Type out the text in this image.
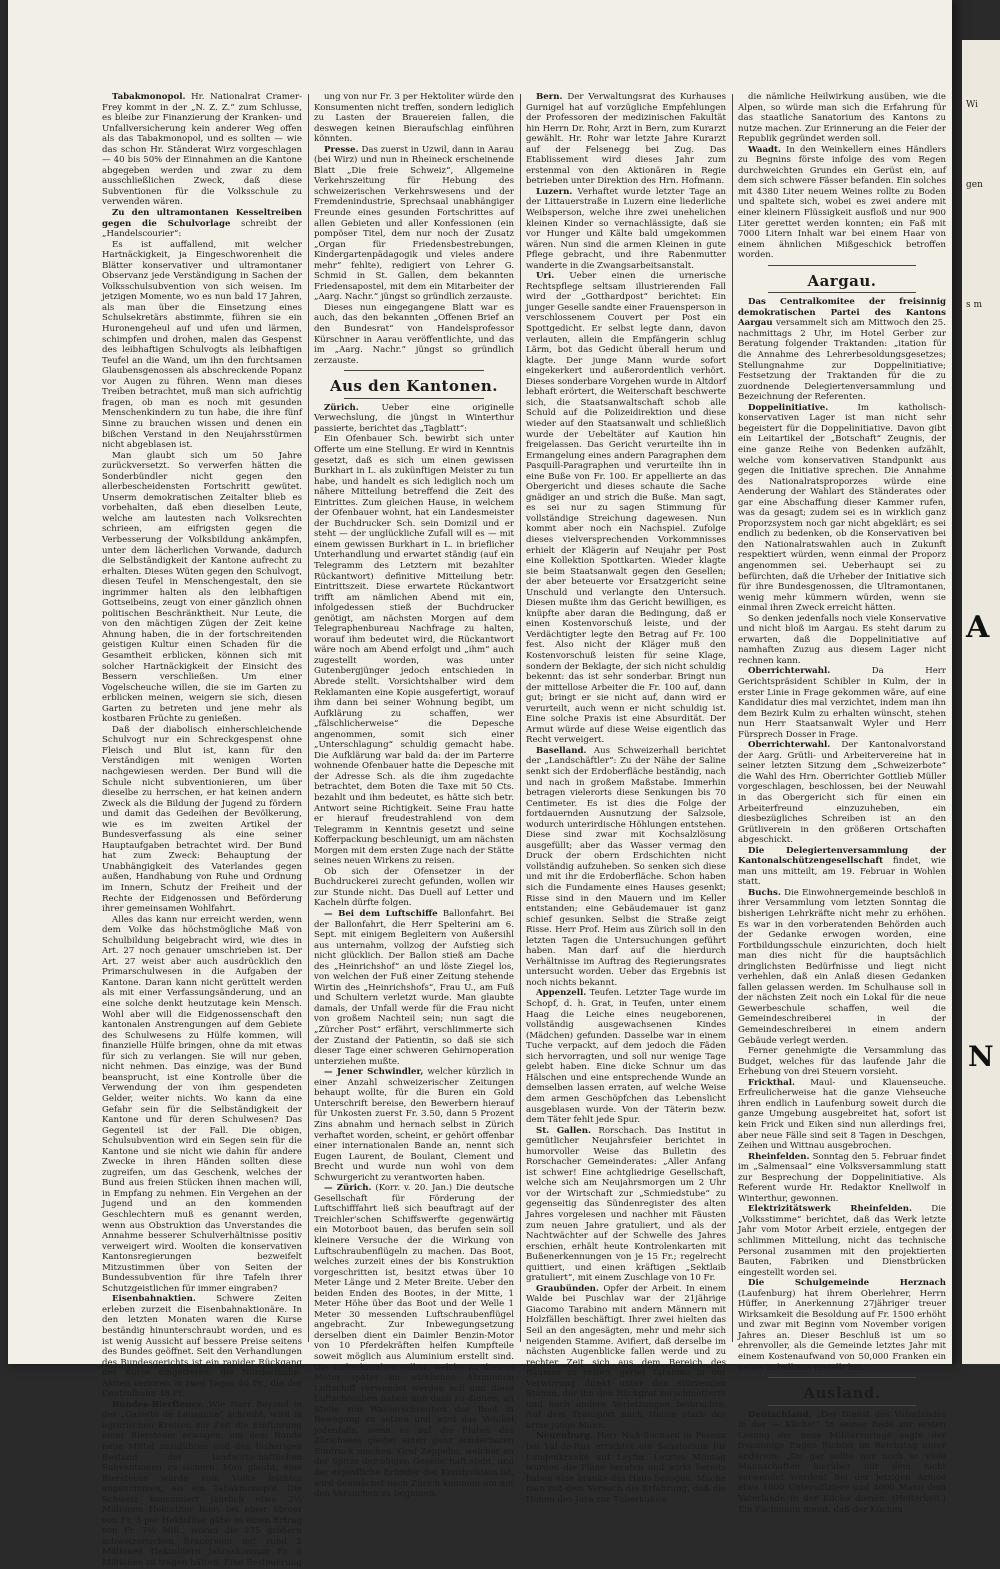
Tabakmonopol. Hr. Nationalrat Cramer-Frey kommt in der „N. Z. Z.“ zum Schlusse, es bleibe zur Finanzierung der Kranken- und Unfallversicherung kein anderer Weg offen als das Tabakmonopol, und es sollten — wie das schon Hr. Ständerat Wirz vorgeschlagen — 40 bis 50% der Einnahmen an die Kantone abgegeben werden und zwar zu dem ausschließlichen Zweck, daß diese Subventionen für die Volksschule zu verwenden wären.

Zu den ultramontanen Kesseltreiben gegen die Schulvorlage schreibt der „Handelscourier“:

Es ist auffallend, mit welcher Hartnäckigkeit, ja Eingeschworenheit die Blätter konservativer und ultramontaner Observanz jede Verständigung in Sachen der Volksschulsubvention von sich weisen. Im jetzigen Momente, wo es nun bald 17 Jahren, als man über die Einsetzung eines Schulsekretärs abstimmte, führen sie ein Huronengeheul auf und ufen und lärmen, schimpfen und drohen, malen das Gespenst des leibhaftigen Schulvogts als leibhaftigen Teufel an die Wand, um ihn den furchtsamen Glaubensgenossen als abschreckende Popanz vor Augen zu führen. Wenn man dieses Treiben betrachtet, muß man sich aufrichtig fragen, ob man es noch mit gesunden Menschenkindern zu tun habe, die ihre fünf Sinne zu brauchen wissen und denen ein bißchen Verstand in den Neujahrsstürmen nicht abgeblasen ist.

Man glaubt sich um 50 Jahre zurückversetzt. So verwerfen hätten die Sonderbündler nicht gegen den allerbescheidensten Fortschritt gewütet. Unserm demokratischen Zeitalter blieb es vorbehalten, daß eben dieselben Leute, welche am lautesten nach Volksrechten schrieen, am eifrigsten gegen die Verbesserung der Volksbildung ankämpfen, unter dem lächerlichen Vorwande, dadurch die Selbständigkeit der Kantone aufrecht zu erhalten. Dieses Wüten gegen den Schulvogt, diesen Teufel in Menschengestalt, den sie ingrimmer halten als den leibhaftigen Gottseibeins, zeugt von einer gänzlich ohnen politischen Beschränktheit. Nur Leute, die von den mächtigen Zügen der Zeit keine Ahnung haben, die in der fortschreitenden geistigen Kultur einen Schaden für die Gesamtheit erblicken, können sich mit solcher Hartnäckigkeit der Einsicht des Bessern verschließen. Um einer Vogelscheuche willen, die sie im Garten zu erblicken meinen, weigern sie sich, diesen Garten zu betreten und jene mehr als kostbaren Früchte zu genießen.

Daß der diabolisch einherschleichende Schulvogt nur ein Schreckgespenst ohne Fleisch und Blut ist, kann für den Verständigen mit wenigen Worten nachgewiesen werden. Der Bund will die Schule nicht subventionieren, um über dieselbe zu herrschen, er hat keinen andern Zweck als die Bildung der Jugend zu fördern und damit das Gedeihen der Bevölkerung, wie es im zweiten Artikel der Bundesverfassung als eine seiner Hauptaufgaben betrachtet wird. Der Bund hat zum Zweck: Behauptung der Unabhängigkeit des Vaterlandes gegen außen, Handhabung von Ruhe und Ordnung im Innern, Schutz der Freiheit und der Rechte der Eidgenossen und Beförderung ihrer gemeinsamen Wohlfahrt.

Alles das kann nur erreicht werden, wenn dem Volke das höchstmögliche Maß von Schulbildung beigebracht wird, wie dies in Art. 27 noch genauer umschrieben ist. Der Art. 27 weist aber auch ausdrücklich den Primarschulwesen in die Aufgaben der Kantone. Daran kann nicht gerüttelt werden als mit einer Verfassungsänderung, und an eine solche denkt heutzutage kein Mensch. Wohl aber will die Eidgenossenschaft den kantonalen Anstrengungen auf dem Gebiete des Schulwesens zu Hülfe kommen, will finanzielle Hülfe bringen, ohne da mit etwas für sich zu verlangen. Sie will nur geben, nicht nehmen. Das einzige, was der Bund beansprucht, ist eine Kontrolle über die Verwendung der von ihm gespendeten Gelder, weiter nichts. Wo kann da eine Gefahr sein für die Selbständigkeit der Kantone und für deren Schulwesen? Das Gegenteil ist der Fall. Die obigen, Schulsubvention wird ein Segen sein für die Kantone und sie nicht wie dahin für andere Zwecke in ihren Händen sollten diese zugreifen, um das Geschenk, welches der Bund aus freien Stücken ihnen machen will, in Empfang zu nehmen. Ein Vergehen an der Jugend und an den kommenden Geschlechtern muß es genannt werden, wenn aus Obstruktion das Unverstandes die Annahme besserer Schulverhältnisse positiv verweigert wird. Woolten die konservativen Kantonsregierungen bezweifelt Mitzustimmen über von Seiten der Bundessubvention für ihre Tafeln ihrer Schutzgeistlichen für immer eingraben?

Eisenbahnaktien. Schwere Zeiten erleben zurzeit die Eisenbahnaktionäre. In den letzten Monaten waren die Kurse beständig hinunterschraubt worden, und es ist wenig Aussicht auf bessere Preise seitens des Bundes geöffnet. Seit den Verhandlungen des Bundesgerichts ist ein rapider Rückgang der Kurse eingetreten; die Nordostbahn-Aktien verloren in zwei Tagen 40 Fr., die der Centralbahn 48 Fr.

Bundes-Bierfteuer. Wie Herr Reyond in der „Gazette de Lausanne“ schreibt, wird in agrarischen Kreisen zur Zeit die Einführung einer Biersteuer erwogen, um dem Bunde neue Mittel zuzuführen und den bisherigen Bestand der landwirtschaftlichen Subventionen zu sichern. Man glaubt, eine Biersteuer würde vom Volke leichter angenommen, als ein Tabakmonopol. Die Schweiz konsumiert jährlich etwa 2½ Millionen Hektoliter Bier; bei einer Steuer von Fr. 3 per Hektoliter gäbe es einen Ertrag von Fr. 7½ Mill., woran die 275 größern schweizerischen Brauereien mit rund 2 Millionen Hektolitern Jahreskonsum Fr. 6 Millionen zu tragen hätten. Eine Besteuerung

ung von nur Fr. 3 per Hektoliter würde den Konsumenten nicht treffen, sondern lediglich zu Lasten der Brauereien fallen, die deswegen keinen Bieraufschlag einführen könnten.

Presse. Das zuerst in Uzwil, dann in Aarau (bei Wirz) und nun in Rheineck erscheinende Blatt „Die freie Schweiz“, Allgemeine Verkehrszeitung für Hebung des schweizerischen Verkehrswesens und der Fremdenindustrie, Sprechsaal unabhängiger Freunde eines gesunden Fortschrittes auf allen Gebieten und aller Konfessionen (ein pompöser Titel, dem nur noch der Zusatz „Organ für Friedensbestrebungen, Kindergartenpädagogik und vieles andere mehr“ fehlte), redigiert von Lehrer G. Schmid in St. Gallen, dem bekannten Friedensapostel, mit dem ein Mitarbeiter der „Aarg. Nachr.“ jüngst so gründlich zerzauste.

Dieses nun eingegangene Blatt war es auch, das den bekannten „Offenen Brief an den Bundesrat“ von Handelsprofessor Kürschner in Aarau veröffentlichte, und das im „Aarg. Nachr.“ jüngst so gründlich zerzauste.

Aus den Kantonen.

Zürich.	Ueber eine originelle Verwechslung, die jüngst in Winterthur passierte, berichtet das „Tagblatt“:

Ein Ofenbauer Sch. bewirbt sich unter Offerte um eine Stellung. Er wird in Kenntnis gesetzt, daß es sich um einen gewissen Burkhart in L. als zukünftigen Meister zu tun habe, und handelt es sich lediglich noch um nähere Mitteilung betreffend die Zeit des Eintrittes. Zum gleichen Hause, in welchem der Ofenbauer wohnt, hat ein Landesmeister der Buchdrucker Sch. sein Domizil und er steht — der unglückliche Zufall will es — mit einem gewissen Burkhart in L. in brieflicher Unterhandlung und erwartet ständig (auf ein Telegramm des Letztern mit bezahlter Rückantwort) definitive Mitteilung betr. Eintrittszeit. Diese erwartete Rückantwort trifft am nämlichen Abend mit ein, infolgedessen stieß der Buchdrucker genötigt, am nächsten Morgen auf dem Telegraphenbureau Nachfrage zu halten, worauf ihm bedeutet wird, die Rückantwort wäre noch am Abend erfolgt und „ihm“ auch zugestellt worden, was unter Gutenbergjünger jedoch entschieden in Abrede stellt. Vorsichtshalber wird dem Reklamanten eine Kopie ausgefertigt, worauf ihm dann bei seiner Wohnung begibt, um Aufklärung zu schaffen, wer „fälschlicherweise“ die Depesche angenommen, somit sich einer „Unterschlagung“ schuldig gemacht habe. Die Aufklärung war bald da: der im Parterre wohnende Ofenbauer hatte die Depesche mit der Adresse Sch. als die ihm zugedachte betrachtet, dem Boten die Taxe mit 50 Cts. bezahlt und ihm bedeutet, es hätte sich betr. Antwort seine Richtigkeit. Seine Frau hatte er hierauf freudestrahlend von dem Telegramm in Kenntnis gesetzt und seine Kofferpackung beschleunigt, um am nächsten Morgen mit dem ersten Zuge nach der Stätte seines neuen Wirkens zu reisen.

Ob sich der Ofensetzer in der Buchdruckerei zurecht gefunden, wollen wir zur Stunde nicht. Das Duell auf Letter und Kacheln dürfte folgen.

— Bei dem Luftschiffe Ballonfahrt. Bei der Ballonfahrt, die Herr Spelterini am 6. Sept. mit einigem Begleitern von Außersihl aus unternahm, vollzog der Aufstieg sich nicht glücklich. Der Ballon stieß am Dache des „Heinrichshof“ an und löste Ziegel los, von welchen der Fuß einer Zeitung stehende Wirtin des „Heinrichshofs“, Frau U., am Fuß und Schultern verletzt wurde. Man glaubte damals, der Unfall werde für die Frau nicht von großem Nachteil sein; nun sagt die „Zürcher Post“ erfährt, verschlimmerte sich der Zustand der Patientin, so daß sie sich dieser Tage einer schweren Gehirnoperation unterziehen mußte.

— Jener Schwindler, welcher kürzlich in einer Anzahl schweizerischer Zeitungen behaupt wollte, für die Buren ein Gold Unterschrift bereise, den Bewerbern hierauf für Unkosten zuerst Fr. 3.50, dann 5 Prozent Zins abnahm und hernach selbst in Zürich verhaftet worden, scheint, er gehört offenbar einer internationalen Bande an, nennt sich Eugen Laurent, de Boulant, Clement und Brecht und wurde nun wohl von dem Schwurgericht zu verantworten haben.

— Zürich. (Korr. v. 20. Jan.) Die deutsche Gesellschaft für Förderung der Luftschifffahrt ließ sich beauftragt auf der Treichler'schen Schiffswerfte gegenwärtig ein Motorboot bauen, das berufen sein soll kleinere Versuche der die Wirkung von Luftschraubenflügeln zu machen. Das Boot, welches zurzeit eines der bis Konstruktion vorgeschritten ist, besitzt etwas über 10 Meter Länge und 2 Meter Breite. Ueber den beiden Enden des Bootes, in der Mitte, 1 Meter Höhe über das Boot und der Welle 1 Meter 30 messenden Luftschraubenflügel angebracht. Zur Inbewegungsetzung derselben dient ein Daimler Benzin-Motor von 10 Pferdekräften helfen Kumpfteile soweit möglich aus Aluminium erstellt sind. Die Luftschrauben selbst, welche zu diesem Motor später im wirklichen Aluminium Luftschiff verwendet werden soll und diese Luftschrauben haben nun dazu zu dienen, an Stelle von Wasserschrauben das Boot in Bewegung zu setzen und wird das Vehikel jedenfalls, wenn es auf die Fluten des Zürichsees gleitet einen ganz sonderbaren Eindruck machen. Graf Zeppelin, welcher an der Spitze der obigen Gesellschaft steht, und der eigentliche Erfinder der Konstruktion ist, wird demnächst nach Zürich kommen um mit den Versuchen zu beginnen.

Bern. Der Verwaltungsrat des Kurhauses Gurnigel hat auf vorzügliche Empfehlungen der Professoren der medizinischen Fakultät hin Herrn Dr. Rohr, Arzt in Bern, zum Kurarzt gewählt. Hr. Rohr war letzte Jahre Kurarzt auf der Felsenegg bei Zug. Das Etablissement wird dieses Jahr zum erstenmal von den Aktionären in Regie betrieben unter Direktion des Hrn. Hofmann.

Luzern. Verhaftet wurde letzter Tage an der Littauerstraße in Luzern eine liederliche Weibsperson, welche ihre zwei unehelichen kleinen Kinder so vernachlässigte, daß sie vor Hunger und Kälte bald umgekommen wären. Nun sind die armen Kleinen in gute Pflege gebracht, und ihre Rabenmutter wanderte in die Zwangsarbeitsanstalt.

Uri. Ueber einen die urnerische Rechtspflege seltsam illustrierenden Fall wird der „Gotthardpost“ berichtet: Ein junger Geselle sandte einer Frauensperson in verschlossenem Couvert per Post ein Spottgedicht. Er selbst legte dann, davon verlauten, allein die Empfängerin schlug Lärm, bot das Gedicht überall herum und klagte. Der junge Mann wurde sofort eingekerkert und außerordentlich verhört. Dieses sonderbare Vorgehen wurde in Altdorf lebhaft erörtert, die Weiterschaft beschwerte sich, die Staatsanwaltschaft schob alle Schuld auf die Polizeidirektion und diese wieder auf den Staatsanwalt und schließlich wurde der Uebeltäter auf Kaution hin freigelassen. Das Gericht verurteilte ihn in Ermangelung eines andern Paragraphen dem Pasquill-Paragraphen und verurteilte ihn in eine Buße von Fr. 100. Er appellierte an das Obergericht und dieses schaute die Sache gnädiger an und strich die Buße. Man sagt, es sei nur zu sagen Stimmung für vollständige Streichung dagewesen. Nun kommt aber noch ein Nachspiel. Zufolge dieses vielversprechenden Vorkommnisses erhielt der Klägerin auf Neujahr per Post eine Kollektion Spottkarten. Wieder klagte sie beim Staatsanwalt gegen den Gesellen; der aber beteuerte vor Ersatzgericht seine Unschuld und verlangte den Untersuch. Diesen mußte ihm das Gericht bewilligen, es knüpfte aber daran die Bedingung, daß er einen Kostenvorschuß leiste, und der Verdächtigter legte den Betrag auf Fr. 100 fest. Also nicht der Kläger muß den Kostenvorschuß leisten für seine Klage, sondern der Beklagte, der sich nicht schuldig bekennt: das ist sehr sonderbar. Bringt nun der mittellose Arbeiter die Fr. 100 auf, dann gut; bringt er sie nicht auf, dann wird er verurteilt, auch wenn er nicht schuldig ist. Eine solche Praxis ist eine Absurdität. Der Armut würde auf diese Weise eigentlich das Recht verweigert.

Baselland. Aus Schweizerhall berichtet der „Landschäftler“: Zu der Nähe der Saline senkt sich der Erdoberfläche beständig, nach und nach in großem Maßstabe. Immerhin betragen vielerorts diese Senkungen bis 70 Centimeter. Es ist dies die Folge der fortdauernden Ausnutzung der Salzsole, wodurch unterirdische Höhlungen entstehen. Diese sind zwar mit Kochsalzlösung ausgefüllt; aber das Wasser vermag den Druck der obern Erdschichten nicht vollständig aufzuheben. So senken sich diese und mit ihr die Erdoberfläche. Schon haben sich die Fundamente eines Hauses gesenkt; Risse sind in den Mauern und im Keller entstanden; eine Gebäudemauer ist ganz schief gesunken. Selbst die Straße zeigt Risse. Herr Prof. Heim aus Zürich soll in den letzten Tagen die Untersuchungen geführt haben. Man darf auf die hierdurch Verhältnisse im Auftrag des Regierungsrates untersucht worden. Ueber das Ergebnis ist noch nichts bekannt.

Appenzell. Teufen. Letzter Tage wurde im Schopf, d. h. Grat, in Teufen, unter einem Haag die Leiche eines neugeborenen, vollständig ausgewachsenen Kindes (Mädchen) gefunden. Dasselbe war in einem Tuche verpackt, auf dem jedoch die Fäden sich hervorragten, und soll nur wenige Tage gelebt haben. Eine dicke Schnur um das Hälschen und eine entsprechende Wunde an demselben lassen erraten, auf welche Weise dem armen Geschöpfchen das Lebenslicht ausgeblasen wurde. Von der Täterin bezw. dem Täter fehlt jede Spur.

St. Gallen. Rorschach. Das Institut in gemütlicher Neujahrsfeier berichtet in humorvoller Weise das Bulletin des Rorschacher Gemeinderates: „Aller Anfang ist schwer! Eine achtgliedrige Gesellschaft, welche sich am Neujahrsmorgen um 2 Uhr vor der Wirtschaft zur „Schmiedstube“ zu gegenseitig das Sündenregister des alten Jahres vorgelesen und nachher mit Fäusten zum neuen Jahre gratuliert, und als der Nachtwächter auf der Schwelle des Jahres erschien, erhält heute Kontrolenkarten mit Bußenerkennungen von je 15 Fr.; regelrecht quittiert, und einen kräftigen „Sektlaib gratuliert“, mit einem Zuschlage von 10 Fr.

Graubünden. Opfer der Arbeit. In einem Walde bei Puschlav war der 21jährige Giacomo Tarabino mit andern Männern mit Holzfällen beschäftigt. Ihrer zwei hielten das Seil an den angesägten, mehr und mehr sich neigenden Stamme. Avifiert, daß derselbe im nächsten Augenblicke fallen werde und zu rechter Zeit sich aus dem Bereich des Baumes zu retten, geriet Tarabino in der Verwirrung direkt unter den stürzenden Stamm, der ihn den Rückgrat zerschmetterte und noch andere Verletzungen beibrachte. Auf dem Transport nach Hause starb der arme junge Mann.

Neuenburg. Herr Nuß-Suchard in Peseux bei Val-de-Ruz errichtet ein Sanatorium für Lungenkranke auf Leyfin. Letztes Montag wurden die Pläne beraten und wirkt bereits haben eine kranke das Haus bezogen. Mache man mit dem Versuch die Erfahrung, daß die Höhen des Jura zur Tuberkulose

die nämliche Heilwirkung ausüben, wie die Alpen, so würde man sich die Erfahrung für das staatliche Sanatorium des Kantons zu nutze machen. Zur Erinnerung an die Feier der Republik gegründet werden soll.

Waadt. In den Weinkellern eines Händlers zu Begnins förste infolge des vom Regen durchweichten Grundes ein Gerüst ein, auf dem sich schwere Fässer befanden. Ein solches mit 4380 Liter neuem Weines rollte zu Boden und spaltete sich, wobei es zwei andere mit einer kleinern Flüssigkeit ausfloß und nur 900 Liter gerettet werden konnten; ein Faß mit 7000 Litern Inhalt war bei einem Haar von einem ähnlichen Mißgeschick betroffen worden.

Aargau.

Das Centralkomitee der freisinnig demokratischen Partei des Kantons Aargau versammelt sich am Mittwoch den 25. nachmittags 2 Uhr, im Hotel Gerber zur Beratung folgender Traktanden: „itation für die Annahme des Lehrerbesoldungsgesetzes; Stellungnahme zur Doppelinitiative; Festsetzung der Traktanden für die zu zuordnende Delegiertenversammlung und Bezeichnung der Referenten.

Doppelinitiative.	Im katholisch-konservativen Lager ist man nicht sehr begeistert für die Doppelinitiative. Davon gibt ein Leitartikel der „Botschaft“ Zeugnis, der eine ganze Reihe von Bedenken aufzählt, welche vom konservativen Standpunkt aus gegen die Initiative sprechen. Die Annahme des Nationalratsproporzes würde eine Aenderung der Wahlart des Ständerates oder gar eine Abschaffung dieser Kammer rufen, was da gesagt; zudem sei es in wirklich ganz Proporzsystem noch gar nicht abgeklärt; es sei endlich zu bedenken, ob die Konservativen bei den Nationalratswahlen auch in Zukunft respektiert würden, wenn einmal der Proporz angenommen sei. Ueberhaupt sei zu befürchten, daß die Urheber der Initiative sich für ihre Bundesgenossen, die Ultramontanen, wenig mehr kümmern würden, wenn sie einmal ihren Zweck erreicht hätten.

So denken jedenfalls noch viele Konservative und nicht bloß im Aargau. Es steht darum zu erwarten, daß die Doppelinitiative auf namhaften Zuzug aus diesem Lager nicht rechnen kann.

Oberrichterwahl.	Da Herr Gerichtspräsident Schibler in Kulm, der in erster Linie in Frage gekommen wäre, auf eine Kandidatur dies mal verzichtet, indem man ihn dem Bezirk Kulm zu erhalten wünscht, stehen nun Herr Staatsanwalt Wyler und Herr Fürsprech Dosser in Frage.

Oberrichterwahl. Der Kantonalvorstand der Aarg. Grütli- und Arbeitervereine hat in seiner letzten Sitzung dem „Schweizerbote“ die Wahl des Hrn. Oberrichter Gottlieb Müller vorgeschlagen, beschlossen, bei der Neuwahl in das Obergericht sich für einen ein Arbeiterfreund einzuzuheben, ein diesbezügliches Schreiben ist an den Grütliverein in den größeren Ortschaften abgeschickt.

Die Delegiertenversammlung der Kantonalschützengesellschaft findet, wie man uns mitteilt, am 19. Februar in Wohlen statt.

Buchs. Die Einwohnergemeinde beschloß in ihrer Versammlung vom letzten Sonntag die bisherigen Lehrkräfte nicht mehr zu erhöhen. Es war in den vorberatenden Behörden auch der Gedanke erwogen worden, eine Fortbildungsschule einzurichten, doch hielt man dies nicht für die hauptsächlich dringlichsten Bedürfnisse und liegt nicht verhehlen, daß ein Anlaß diesen Gedanken fallen gelassen werden. Im Schulhause soll in der nächsten Zeit noch ein Lokal für die neue Gewerbeschule schaffen, weil die Gemeindeschreiberei in der Gemeindeschreiberei in einem andern Gebäude verlegt werden.

Ferner genehmigte die Versammlung das Budget, welches für das laufende Jahr die Erhebung von drei Steuern vorsieht.

Frickthal. Maul- und Klauenseuche. Erfreulicherweise hat die ganze Viehseuche ihren endlich in Laufenburg soweit durch die ganze Umgebung ausgebreitet hat, sofort ist kein Frick und Eiken sind nun allerdings frei, aber neue Fälle sind seit 8 Tagen in Deschgen, Zeihen und Wittnau ausgebrochen.

Rheinfelden. Sonntag den 5. Februar findet im „Salmensaal“ eine Volksversammlung statt zur Besprechung der Doppelinitiative. Als Referent wurde Hr. Redaktor Knellwolf in Winterthur, gewonnen.

Elektrizitätswerk Rheinfelden. Die „Volksstimme“ berichtet, daß das Werk letzte Jahr vom Motor Arbeit erziele, entgegen der schlimmen Mitteilung, nicht das technische Personal zusammen mit den projektierten Bauten, Fabriken und Dienstbrücken eingestellt worden sei.

Die Schulgemeinde Herznach (Laufenburg) hat ihrem Oberlehrer, Herrn Hüffer, in Anerkennung 27jähriger treuer Wirksamkeit die Besoldung auf Fr. 1500 erhöht und zwar mit Beginn vom November vorigen Jahres an. Dieser Beschluß ist um so ehrenvoller, als die Gemeinde letztes Jahr mit einem Kostenaufwand von 50,000 Franken ein neues Schulhaus erstellt hat.

Ausland.

Deutschland. „Der Dienst des Vaterlandes in der — Küche!“ In seiner Rede zur ersten Lesung der neue Militärvorlage sagte der freisinnige Eugen Richter im Reichstag unter anderem: „Du gar sollte nur noch so viele Mannschaften hierüber mir dem nicht verwendet werden! Bei der jetzigen Armee etwa 1000 Unteroffiziere und 4000 Mann dem Vaterlande in der Küche dienen. (Heiterkeit.) Ein Fachmann meint, daß der Küchen

Wi
gen
s m
A
N
